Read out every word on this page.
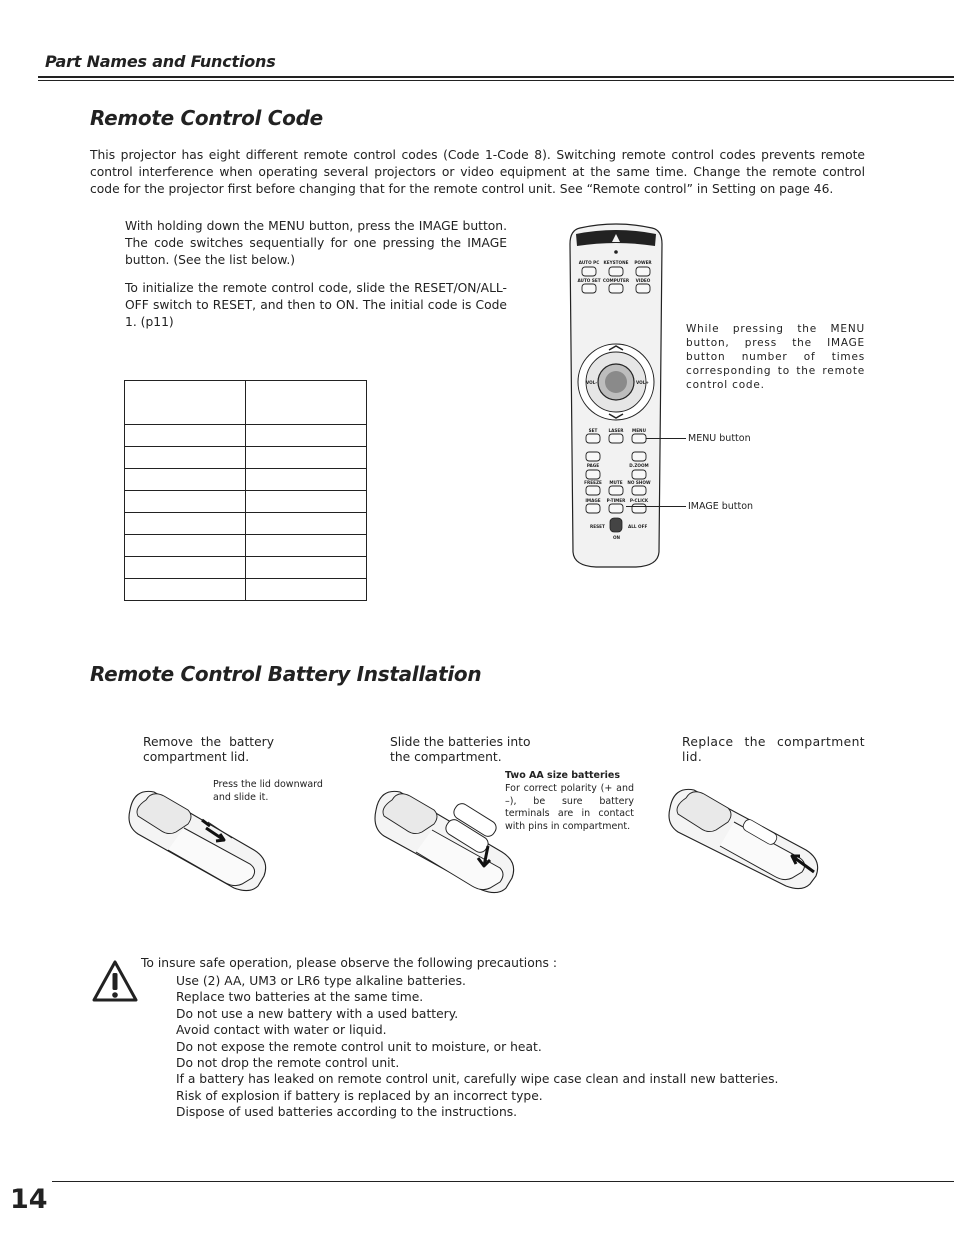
Part Names and Functions
Remote Control Code

This projector has eight different remote control codes (Code 1-Code 8). Switching remote control codes prevents remote control interference when operating several projectors or video equipment at the same time. Change the remote control code for the projector first before changing that for the remote control unit. See “Remote control” in Setting on page 46.

With holding down the MENU button, press the IMAGE button. The code switches sequentially for one pressing the IMAGE button. (See the list below.)

To initialize the remote control code, slide the RESET/ON/ALL-OFF switch to RESET, and then to ON. The initial code is Code 1. (p11)

AUTO PC KEYSTONE POWER
AUTO SET COMPUTER VIDEO
VOL-	VOL+
SET	LASER MENU
PAGE	D.ZOOM
FREEZE MUTE NO SHOW
IMAGE P-TIMER P-CLICK
RESET
ON
ALL OFF

While pressing the MENU button, press the IMAGE button number of times corresponding to the remote control code.

MENU button
IMAGE button
Remote Control Battery Installation

Remove the battery compartment lid.

Press the lid downward and slide it.

Slide the batteries into the compartment.

Two AA size batteries

For correct polarity (+ and –), be sure battery terminals are in contact with pins in compartment.

Replace the compartment lid.

To insure safe operation, please observe the following precautions :
Use (2) AA, UM3 or LR6 type alkaline batteries.
Replace two batteries at the same time.
Do not use a new battery with a used battery.
Avoid contact with water or liquid.
Do not expose the remote control unit to moisture, or heat.
Do not drop the remote control unit.
If a battery has leaked on remote control unit, carefully wipe case clean and install new batteries.
Risk of explosion if battery is replaced by an incorrect type.
Dispose of used batteries according to the instructions.
14
